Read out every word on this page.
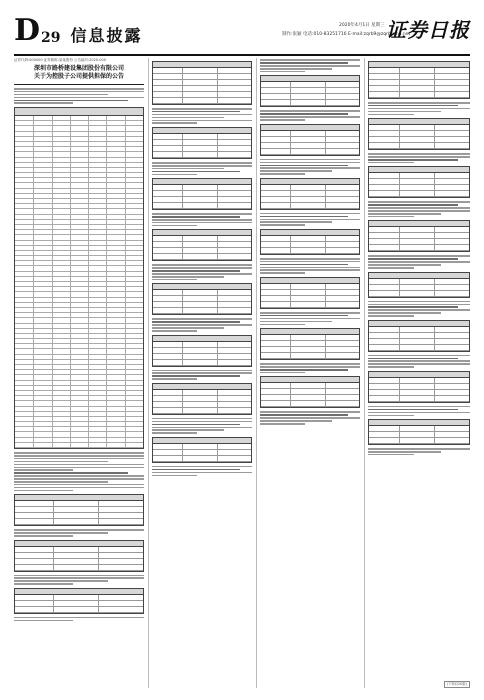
D 29 信息披露
2020年4月1日 星期三
制作:张颖 电话:010-83251716 E-mail:zqrb9@zqrb.sina.net
证券日报
证券代码:000000 证券简称:某某股份 公告编号:2020-000
深圳市路桥建设集团股份有限公司
关于为控股子公司提供担保的公告
(下转D30版)
